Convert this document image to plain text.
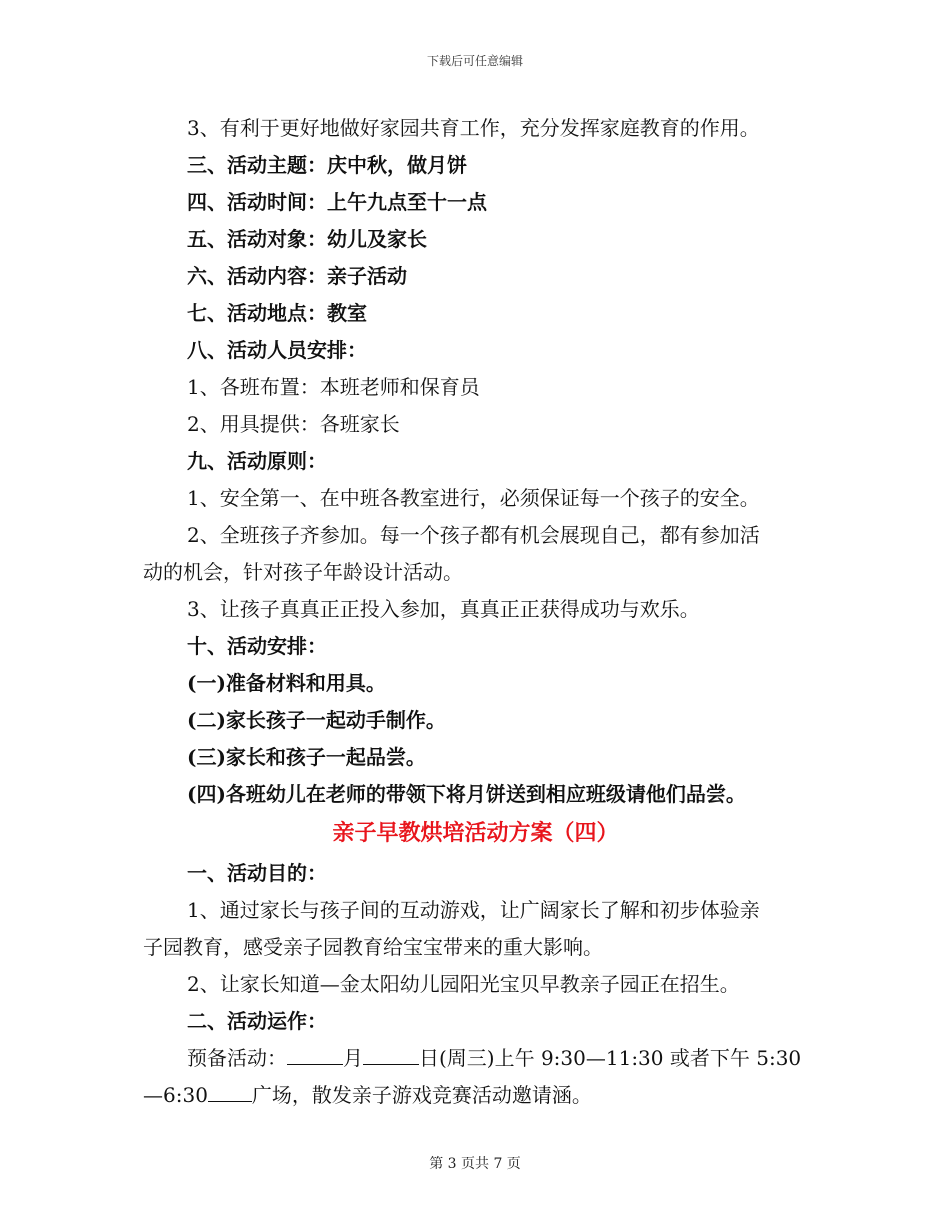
下载后可任意编辑
3、有利于更好地做好家园共育工作，充分发挥家庭教育的作用。
三、活动主题：庆中秋，做月饼
四、活动时间：上午九点至十一点
五、活动对象：幼儿及家长
六、活动内容：亲子活动
七、活动地点：教室
八、活动人员安排：
1、各班布置：本班老师和保育员
2、用具提供：各班家长
九、活动原则：
1、安全第一、在中班各教室进行，必须保证每一个孩子的安全。
2、全班孩子齐参加。每一个孩子都有机会展现自己，都有参加活
动的机会，针对孩子年龄设计活动。
3、让孩子真真正正投入参加，真真正正获得成功与欢乐。
十、活动安排：
(一)准备材料和用具。
(二)家长孩子一起动手制作。
(三)家长和孩子一起品尝。
(四)各班幼儿在老师的带领下将月饼送到相应班级请他们品尝。
亲子早教烘培活动方案（四）
一、活动目的：
1、通过家长与孩子间的互动游戏，让广阔家长了解和初步体验亲
子园教育，感受亲子园教育给宝宝带来的重大影响。
2、让家长知道—金太阳幼儿园阳光宝贝早教亲子园正在招生。
二、活动运作：
预备活动：	月	日(周三)上午 9:30—11:30 或者下午 5:30
—6:30 广场，散发亲子游戏竞赛活动邀请涵。
第 3 页共 7 页
